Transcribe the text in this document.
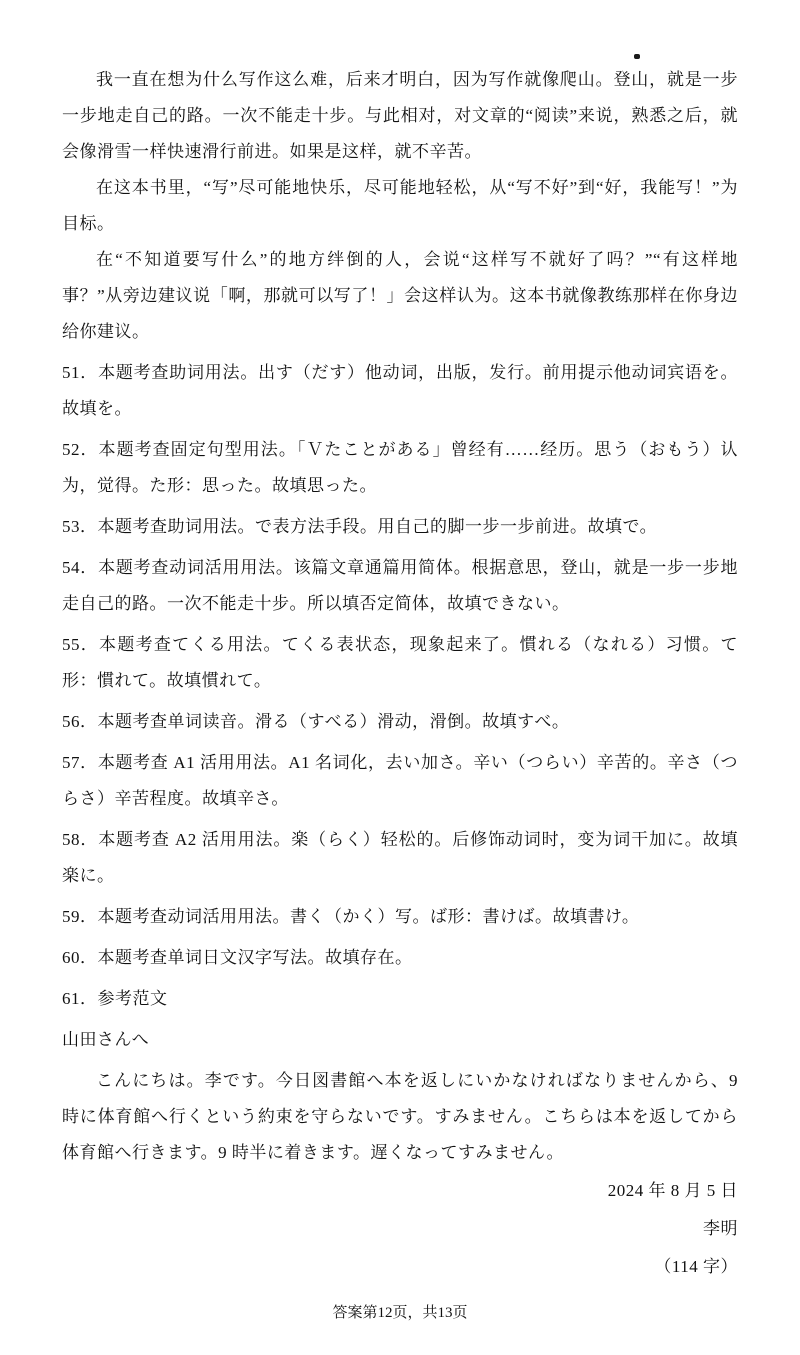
我一直在想为什么写作这么难，后来才明白，因为写作就像爬山。登山，就是一步一步地走自己的路。一次不能走十步。与此相对，对文章的“阅读”来说，熟悉之后，就会像滑雪一样快速滑行前进。如果是这样，就不辛苦。

在这本书里，“写”尽可能地快乐，尽可能地轻松，从“写不好”到“好，我能写！”为目标。

在“不知道要写什么”的地方绊倒的人，会说“这样写不就好了吗？”“有这样地事？”从旁边建议说「啊，那就可以写了！」会这样认为。这本书就像教练那样在你身边给你建议。

51．本题考查助词用法。出す（だす）他动词，出版，发行。前用提示他动词宾语を。故填を。

52．本题考查固定句型用法。「Ｖたことがある」曾经有……经历。思う（おもう）认为，觉得。た形：思った。故填思った。

53．本题考查助词用法。で表方法手段。用自己的脚一步一步前进。故填で。

54．本题考查动词活用用法。该篇文章通篇用简体。根据意思，登山，就是一步一步地走自己的路。一次不能走十步。所以填否定简体，故填できない。

55．本题考查てくる用法。てくる表状态，现象起来了。慣れる（なれる）习惯。て形：慣れて。故填慣れて。

56．本题考查单词读音。滑る（すべる）滑动，滑倒。故填すべ。

57．本题考查 A1 活用用法。A1 名词化，去い加さ。辛い（つらい）辛苦的。辛さ（つらさ）辛苦程度。故填辛さ。

58．本题考查 A2 活用用法。楽（らく）轻松的。后修饰动词时，变为词干加に。故填楽に。

59．本题考查动词活用用法。書く（かく）写。ば形：書けば。故填書け。

60．本题考查单词日文汉字写法。故填存在。

61．参考范文

山田さんへ

こんにちは。李です。今日図書館へ本を返しにいかなければなりませんから、9 時に体育館へ行くという約束を守らないです。すみません。こちらは本を返してから体育館へ行きます。9 時半に着きます。遅くなってすみません。

2024 年 8 月 5 日

李明

（114 字）

答案第12页，共13页
